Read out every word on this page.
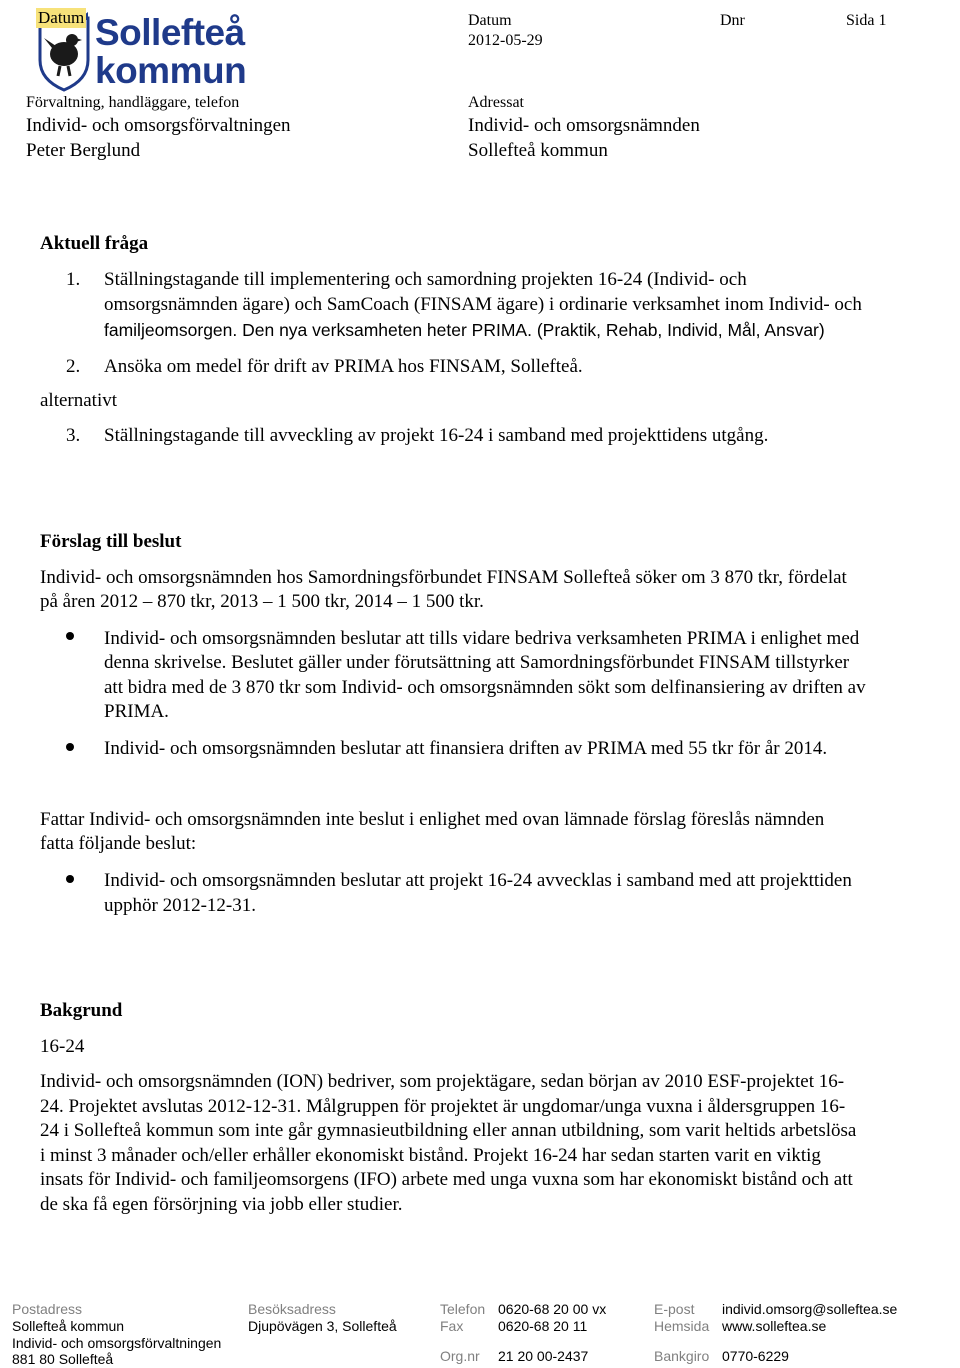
Datum Sollefteå
kommun
Förvaltning, handläggare, telefon
Individ- och omsorgsförvaltningen
Peter Berglund
Datum	Dnr	Sida 1
2012-05-29
Adressat
Individ- och omsorgsnämnden
Sollefteå kommun
Aktuell fråga
1. Ställningstagande till implementering och samordning projekten 16-24 (Individ- och
omsorgsnämnden ägare) och SamCoach (FINSAM ägare) i ordinarie verksamhet inom Individ- och
familjeomsorgen. Den nya verksamheten heter PRIMA. (Praktik, Rehab, Individ, Mål, Ansvar)
2. Ansöka om medel för drift av PRIMA hos FINSAM, Sollefteå.
alternativt
3. Ställningstagande till avveckling av projekt 16-24 i samband med projekttidens utgång.
Förslag till beslut
Individ- och omsorgsnämnden hos Samordningsförbundet FINSAM Sollefteå söker om 3 870 tkr, fördelat
på åren 2012 – 870 tkr, 2013 – 1 500 tkr, 2014 – 1 500 tkr.
Individ- och omsorgsnämnden beslutar att tills vidare bedriva verksamheten PRIMA i enlighet med
denna skrivelse. Beslutet gäller under förutsättning att Samordningsförbundet FINSAM tillstyrker
att bidra med de 3 870 tkr som Individ- och omsorgsnämnden sökt som delfinansiering av driften av
PRIMA.
Individ- och omsorgsnämnden beslutar att finansiera driften av PRIMA med 55 tkr för år 2014.
Fattar Individ- och omsorgsnämnden inte beslut i enlighet med ovan lämnade förslag föreslås nämnden
fatta följande beslut:
Individ- och omsorgsnämnden beslutar att projekt 16-24 avvecklas i samband med att projekttiden
upphör 2012-12-31.
Bakgrund
16-24
Individ- och omsorgsnämnden (ION) bedriver, som projektägare, sedan början av 2010 ESF-projektet 16-
24. Projektet avslutas 2012-12-31. Målgruppen för projektet är ungdomar/unga vuxna i åldersgruppen 16-
24 i Sollefteå kommun som inte går gymnasieutbildning eller annan utbildning, som varit heltids arbetslösa
i minst 3 månader och/eller erhåller ekonomiskt bistånd. Projekt 16-24 har sedan starten varit en viktig
insats för Individ- och familjeomsorgens (IFO) arbete med unga vuxna som har ekonomiskt bistånd och att
de ska få egen försörjning via jobb eller studier.
Postadress
Sollefteå kommun
Individ- och omsorgsförvaltningen
881 80 Sollefteå
Besöksadress
Djupövägen 3, Sollefteå
Telefon 0620-68 20 00 vx
Fax 0620-68 20 11
Org.nr 21 20 00-2437
E-post individ.omsorg@solleftea.se
Hemsida www.solleftea.se
Bankgiro 0770-6229
